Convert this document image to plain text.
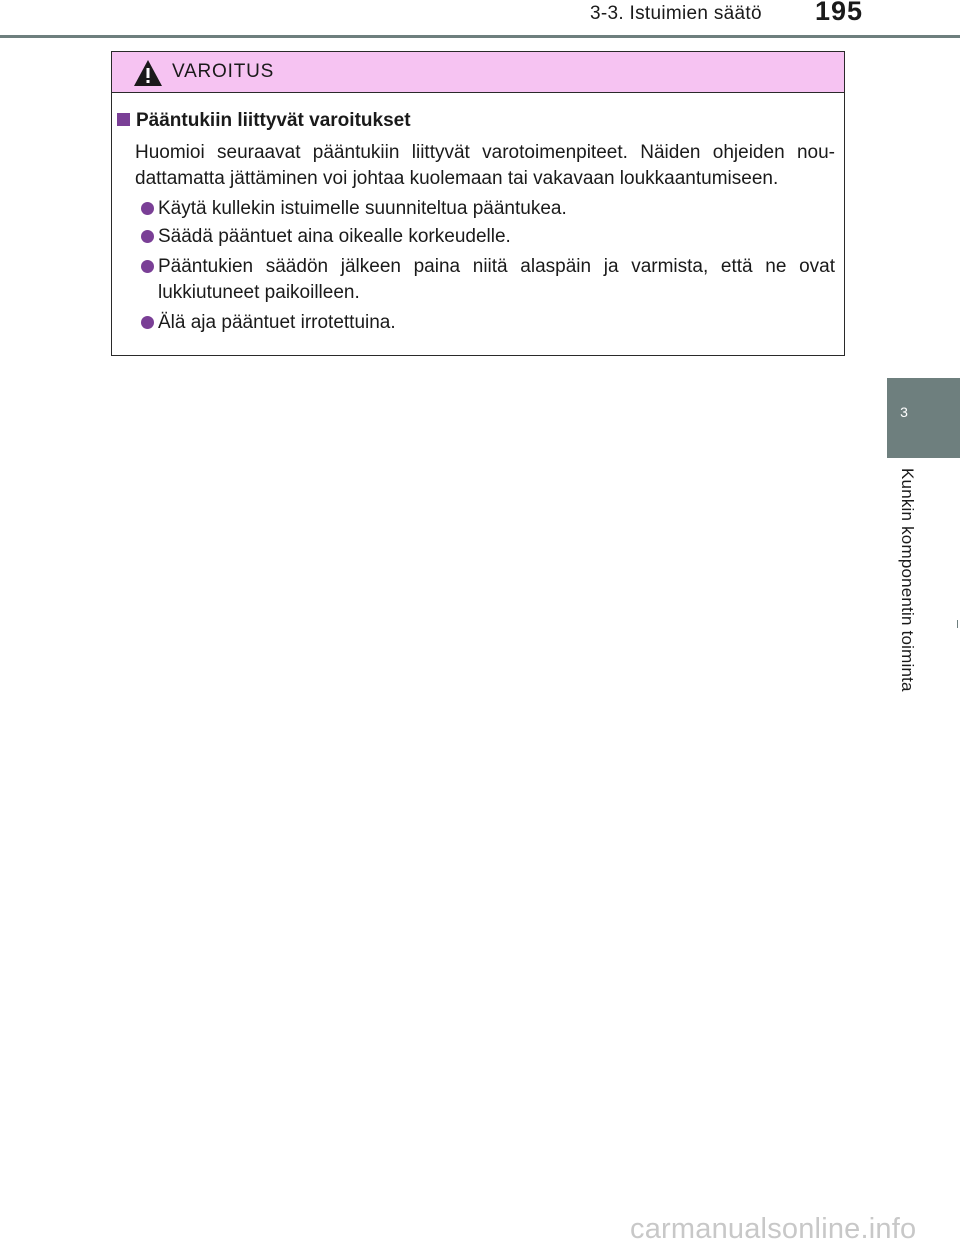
3-3. Istuimien säätö 195
VAROITUS
Pääntukiin liittyvät varoitukset
Huomioi seuraavat pääntukiin liittyvät varotoimenpiteet. Näiden ohjeiden nou-dattamatta jättäminen voi johtaa kuolemaan tai vakavaan loukkaantumiseen.
Käytä kullekin istuimelle suunniteltua pääntukea.
Säädä pääntuet aina oikealle korkeudelle.
Pääntukien säädön jälkeen paina niitä alaspäin ja varmista, että ne ovat lukkiutuneet paikoilleen.
Älä aja pääntuet irrotettuina.
3
Kunkin komponentin toiminta
carmanualsonline.info
